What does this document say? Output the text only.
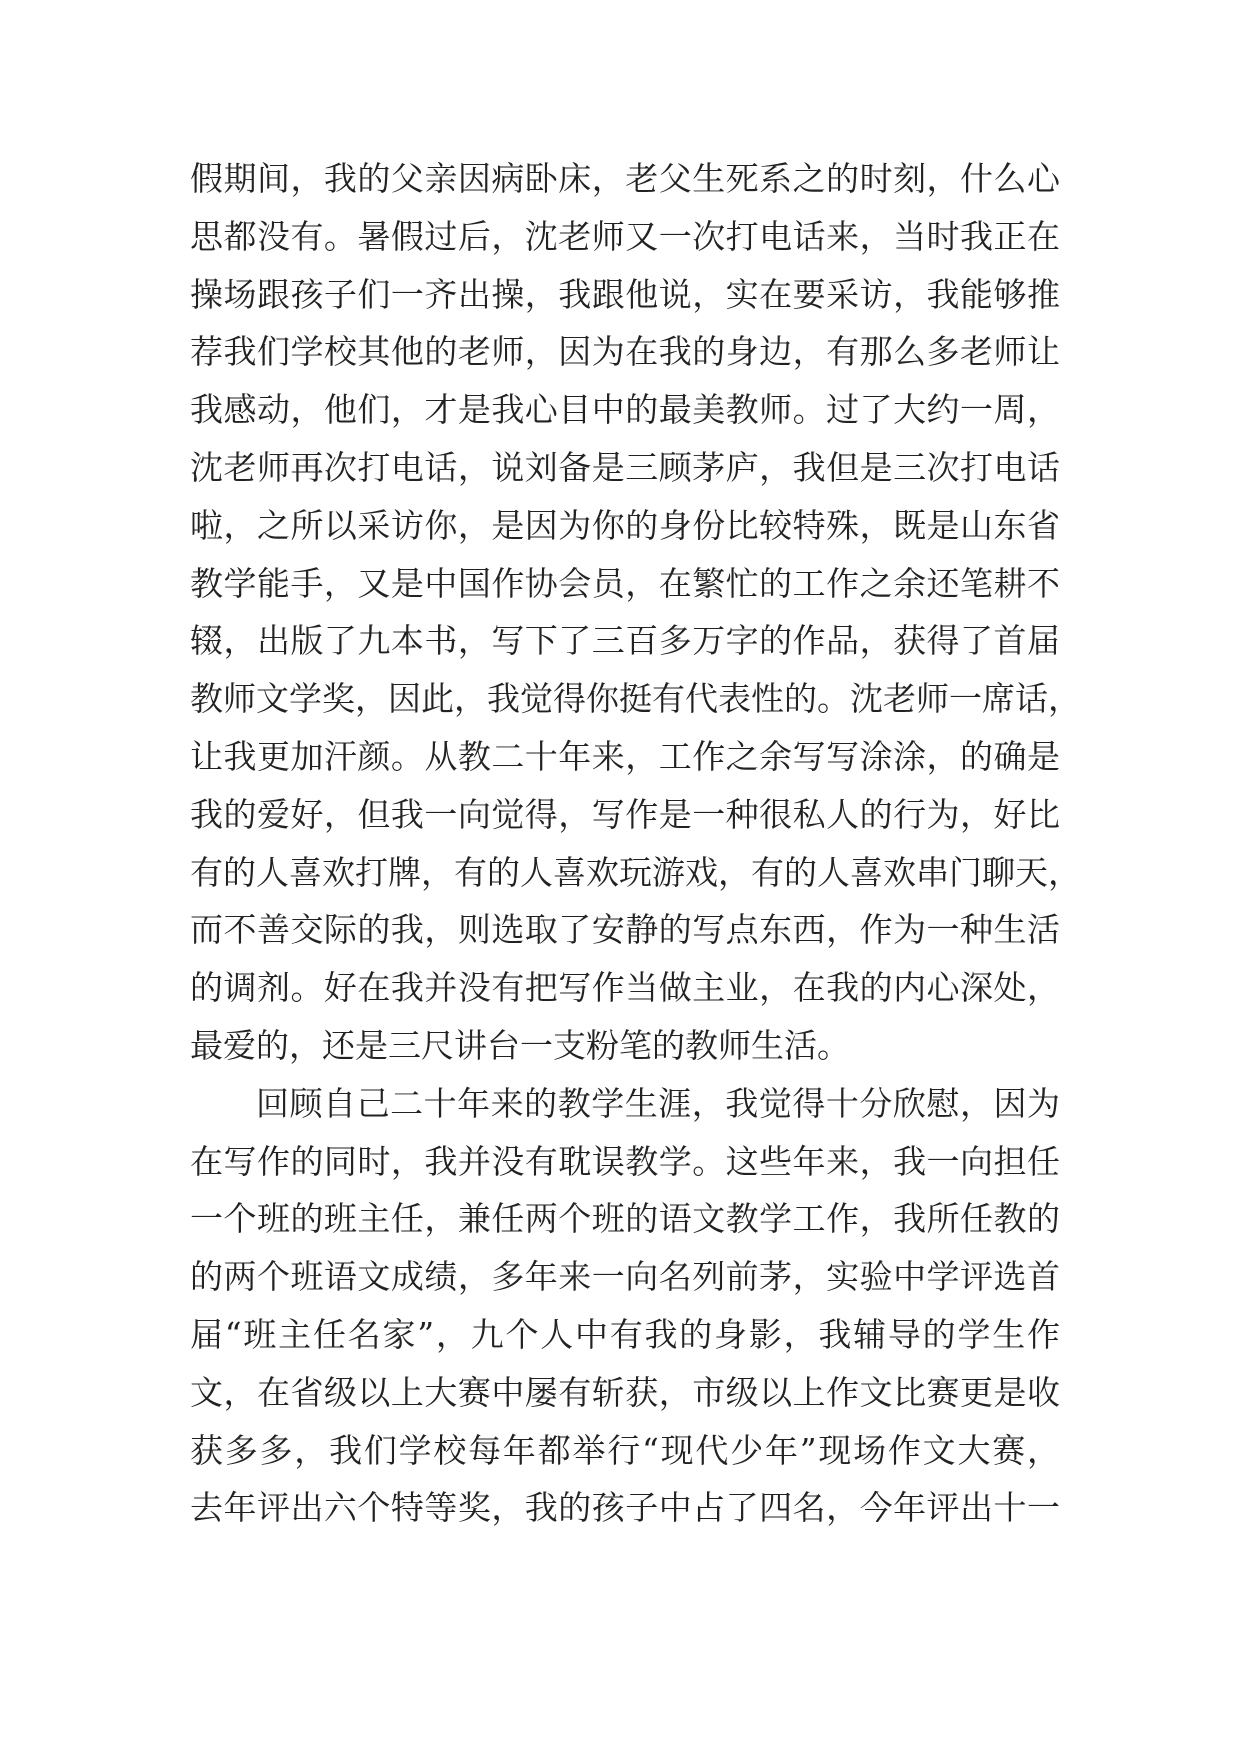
假期间，我的父亲因病卧床，老父生死系之的时刻，什么心
思都没有。暑假过后，沈老师又一次打电话来，当时我正在
操场跟孩子们一齐出操，我跟他说，实在要采访，我能够推
荐我们学校其他的老师，因为在我的身边，有那么多老师让
我感动，他们，才是我心目中的最美教师。过了大约一周，
沈老师再次打电话，说刘备是三顾茅庐，我但是三次打电话
啦，之所以采访你，是因为你的身份比较特殊，既是山东省
教学能手，又是中国作协会员，在繁忙的工作之余还笔耕不
辍，出版了九本书，写下了三百多万字的作品，获得了首届
教师文学奖，因此，我觉得你挺有代表性的。沈老师一席话，
让我更加汗颜。从教二十年来，工作之余写写涂涂，的确是
我的爱好，但我一向觉得，写作是一种很私人的行为，好比
有的人喜欢打牌，有的人喜欢玩游戏，有的人喜欢串门聊天，
而不善交际的我，则选取了安静的写点东西，作为一种生活
的调剂。好在我并没有把写作当做主业，在我的内心深处，
最爱的，还是三尺讲台一支粉笔的教师生活。
回顾自己二十年来的教学生涯，我觉得十分欣慰，因为
在写作的同时，我并没有耽误教学。这些年来，我一向担任
一个班的班主任，兼任两个班的语文教学工作，我所任教的
的两个班语文成绩，多年来一向名列前茅，实验中学评选首
届“班主任名家”，九个人中有我的身影，我辅导的学生作
文，在省级以上大赛中屡有斩获，市级以上作文比赛更是收
获多多，我们学校每年都举行“现代少年”现场作文大赛，
去年评出六个特等奖，我的孩子中占了四名，今年评出十一
